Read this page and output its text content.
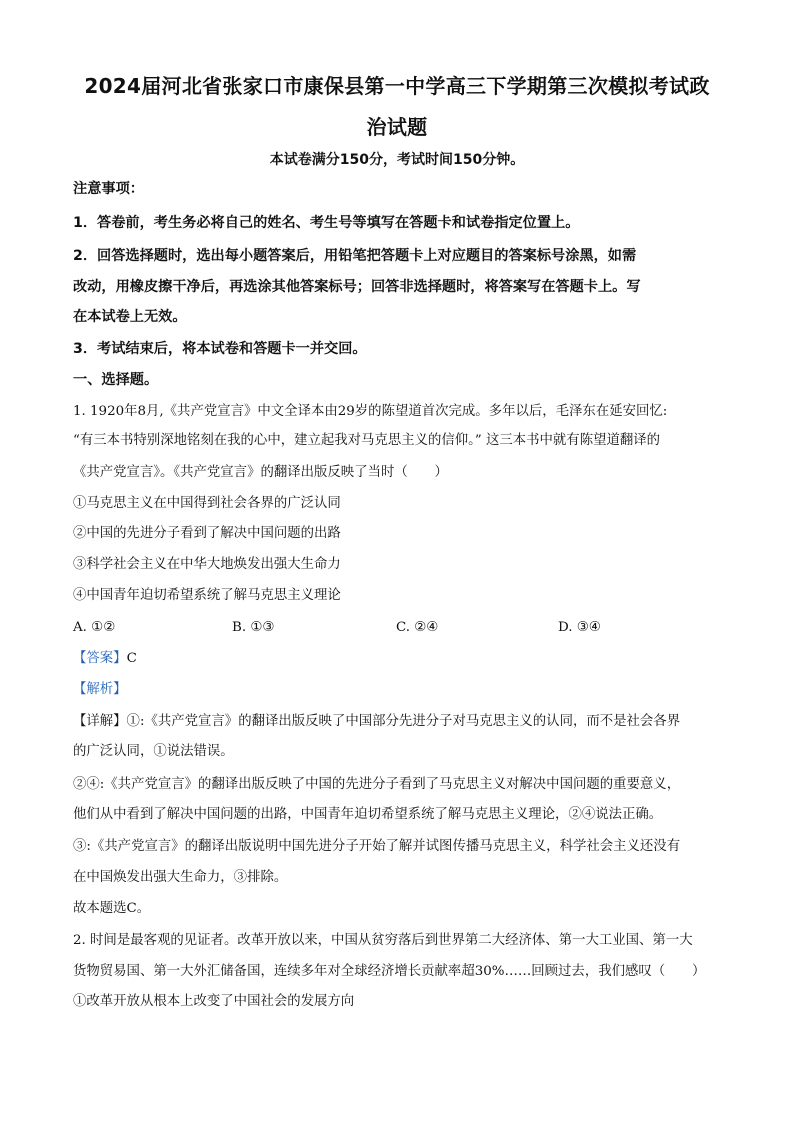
2024届河北省张家口市康保县第一中学高三下学期第三次模拟考试政
治试题
本试卷满分150分，考试时间150分钟。
注意事项：
1．答卷前，考生务必将自己的姓名、考生号等填写在答题卡和试卷指定位置上。
2．回答选择题时，选出每小题答案后，用铅笔把答题卡上对应题目的答案标号涂黑，如需
改动，用橡皮擦干净后，再选涂其他答案标号；回答非选择题时，将答案写在答题卡上。写
在本试卷上无效。
3．考试结束后，将本试卷和答题卡一并交回。
一、选择题。
1. 1920年8月,《共产党宣言》中文全译本由29岁的陈望道首次完成。多年以后，毛泽东在延安回忆:
“有三本书特别深地铭刻在我的心中，建立起我对马克思主义的信仰。” 这三本书中就有陈望道翻译的
《共产党宣言》。《共产党宣言》的翻译出版反映了当时（　　）
①马克思主义在中国得到社会各界的广泛认同
②中国的先进分子看到了解决中国问题的出路
③科学社会主义在中华大地焕发出强大生命力
④中国青年迫切希望系统了解马克思主义理论
A. ①②	B. ①③	C. ②④	D. ③④
【答案】C
【解析】
【详解】①:《共产党宣言》的翻译出版反映了中国部分先进分子对马克思主义的认同，而不是社会各界
的广泛认同，①说法错误。
②④:《共产党宣言》的翻译出版反映了中国的先进分子看到了马克思主义对解决中国问题的重要意义，
他们从中看到了解决中国问题的出路，中国青年迫切希望系统了解马克思主义理论，②④说法正确。
③:《共产党宣言》的翻译出版说明中国先进分子开始了解并试图传播马克思主义，科学社会主义还没有
在中国焕发出强大生命力，③排除。
故本题选C。
2. 时间是最客观的见证者。改革开放以来，中国从贫穷落后到世界第二大经济体、第一大工业国、第一大
货物贸易国、第一大外汇储备国，连续多年对全球经济增长贡献率超30%……回顾过去，我们感叹（　　）
①改革开放从根本上改变了中国社会的发展方向
